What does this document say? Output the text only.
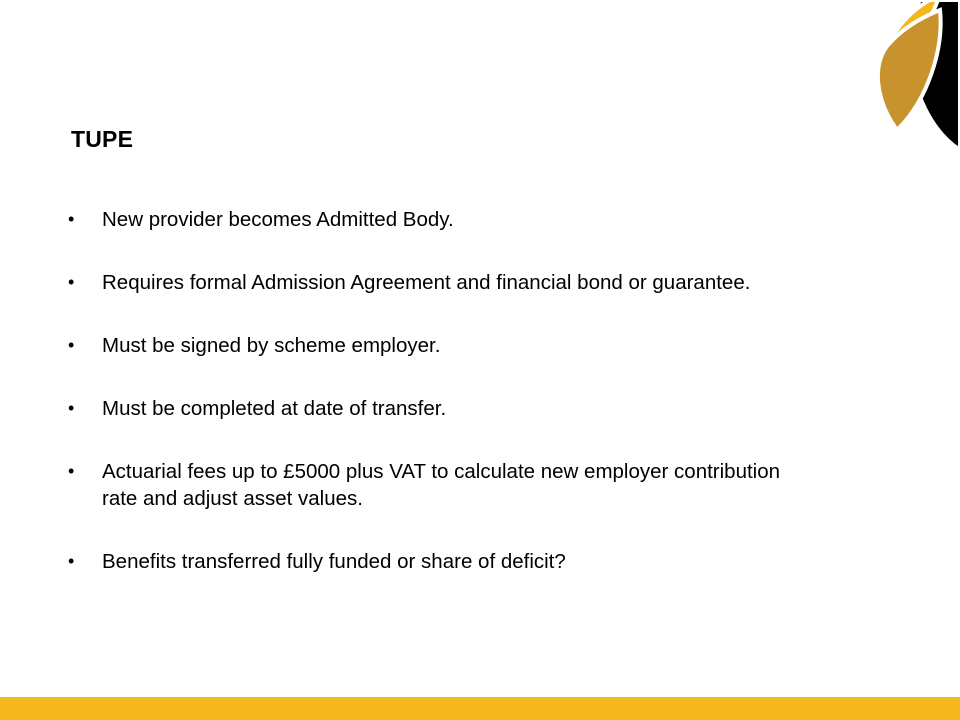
TUPE
• New provider becomes Admitted Body.
• Requires formal Admission Agreement and financial bond or guarantee.
• Must be signed by scheme employer.
• Must be completed at date of transfer.
• Actuarial fees up to £5000 plus VAT to calculate new employer contribution rate and adjust asset values.
• Benefits transferred fully funded or share of deficit?
